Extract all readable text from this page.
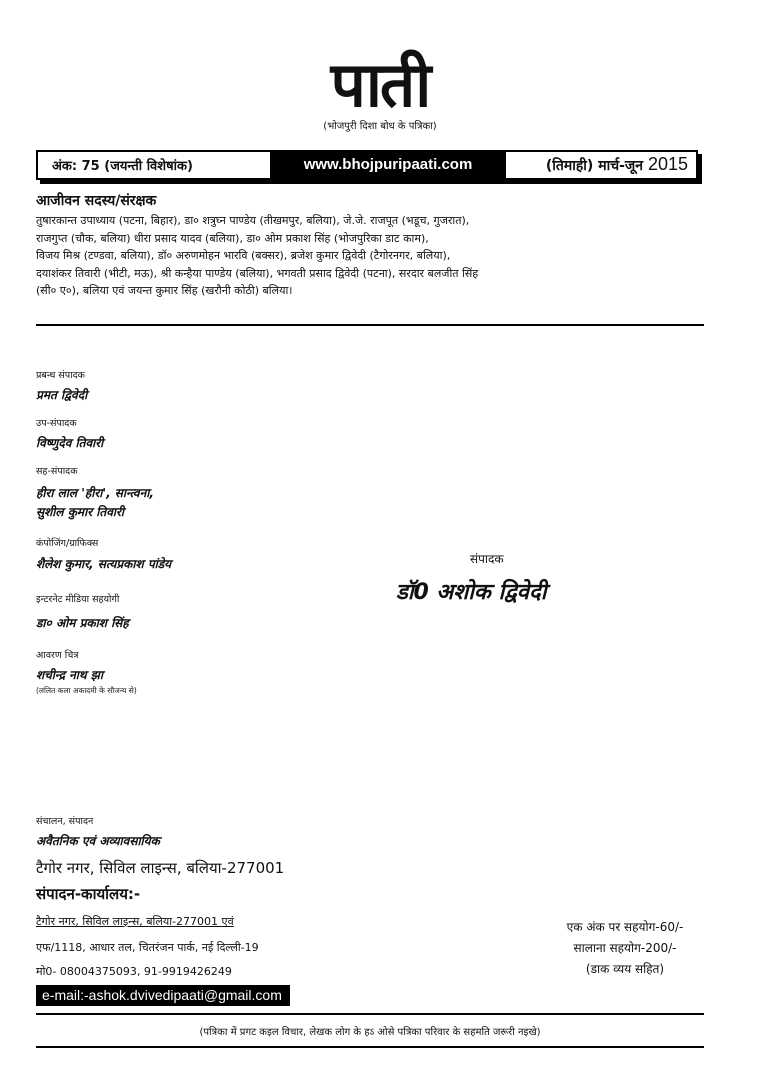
पाती
(भोजपुरी दिशा बोध के पत्रिका)
अंक: 75 (जयन्ती विशेषांक)	www.bhojpuripaati.com	(तिमाही) मार्च-जून 2015
आजीवन सदस्य/संरक्षक
तुषारकान्त उपाध्याय (पटना, बिहार), डा० शत्रुघ्न पाण्डेय (तीखमपुर, बलिया), जे.जे. राजपूत (भडूच, गुजरात),
राजगुप्त (चौक, बलिया) धीरा प्रसाद यादव (बलिया), डा० ओम प्रकाश सिंह (भोजपुरिका डाट काम),
विजय मिश्र (टण्डवा, बलिया), डॉ० अरुणमोहन भारवि (बक्सर), ब्रजेश कुमार द्विवेदी (टैगोरनगर, बलिया),
दयाशंकर तिवारी (भीटी, मऊ), श्री कन्हैया पाण्डेय (बलिया), भगवती प्रसाद द्विवेदी (पटना), सरदार बलजीत सिंह
(सी० ए०), बलिया एवं जयन्त कुमार सिंह (खरौनी कोठी) बलिया।
प्रबन्ध संपादक
प्रमत द्विवेदी
उप-संपादक
विष्णुदेव तिवारी
सह-संपादक
हीरा लाल 'हीरा', सान्त्वना,
सुशील कुमार तिवारी
कंपोजिंग/ग्राफिक्स
शैलेश कुमार, सत्यप्रकाश पांडेय
इन्टरनेट मीडिया सहयोगी
डा० ओम प्रकाश सिंह
आवरण चित्र
शचीन्द्र नाथ झा
(ललित कला अकादमी के सौजन्य से)
संपादक
डॉ0 अशोक द्विवेदी
संचालन, संपादन
अवैतनिक एवं अव्यावसायिक
टैगोर नगर, सिविल लाइन्स, बलिया-277001
संपादन-कार्यालय:-
टैगोर नगर, सिविल लाइन्स, बलिया-277001 एवं
एफ/1118, आधार तल, चितरंजन पार्क, नई दिल्ली-19
मो0- 08004375093, 91-9919426249
e-mail:-ashok.dvivedipaati@gmail.com
एक अंक पर सहयोग-60/-
सालाना सहयोग-200/-
(डाक व्यय सहित)
(पत्रिका में प्रगट कइल विचार, लेखक लोग के हऽ ओसे पत्रिका परिवार के सहमति जरूरी नइखे)
